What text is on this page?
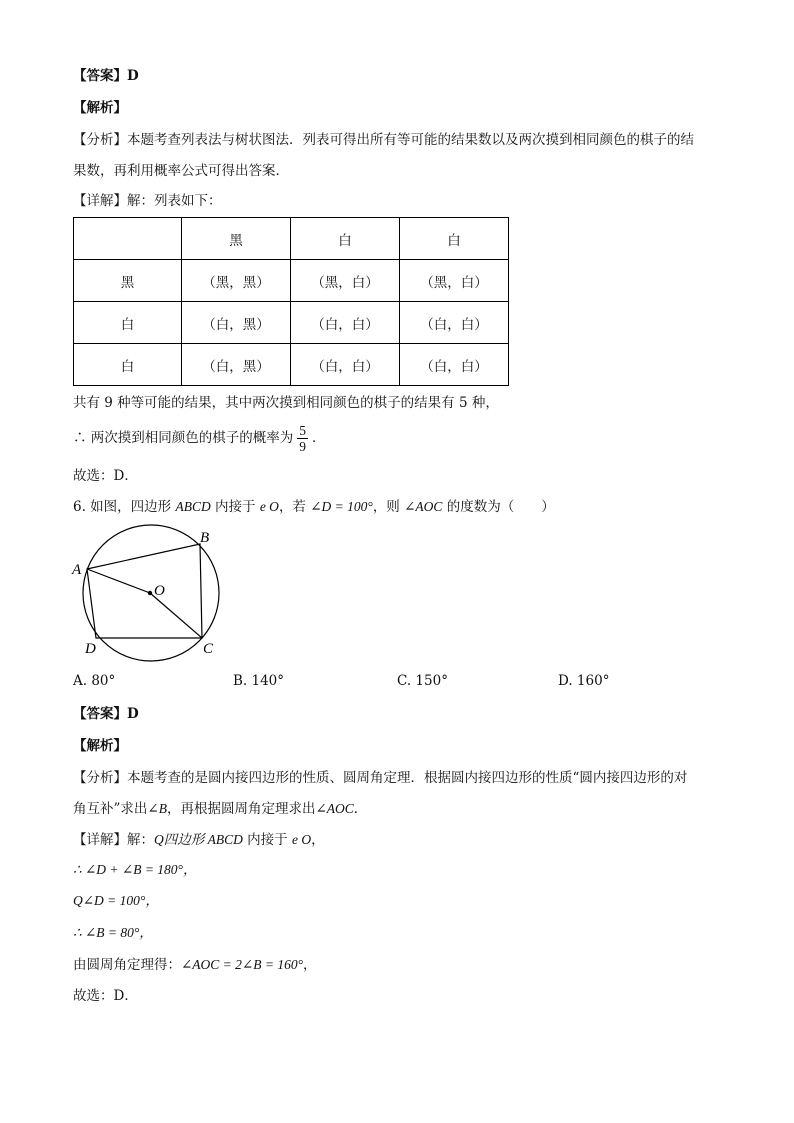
【答案】D
【解析】
【分析】本题考查列表法与树状图法．列表可得出所有等可能的结果数以及两次摸到相同颜色的棋子的结
果数，再利用概率公式可得出答案．
【详解】解：列表如下：
	黑	白	白
黑	（黑，黑）	（黑，白）	（黑，白）
白	（白，黑）	（白，白）	（白，白）
白	（白，黑）	（白，白）	（白，白）
共有 9 种等可能的结果，其中两次摸到相同颜色的棋子的结果有 5 种，
∴ 两次摸到相同颜色的棋子的概率为 $\frac{5}{9}$ ．
故选：D．
6. 如图，四边形 ABCD 内接于 e O，若 ∠D = 100°，则 ∠AOC 的度数为（　　）
A
B
C
D
O
A. 80°	B. 140°	C. 150°	D. 160°
【答案】D
【解析】
【分析】本题考查的是圆内接四边形的性质、圆周角定理．根据圆内接四边形的性质“圆内接四边形的对
角互补”求出∠B，再根据圆周角定理求出∠AOC．
【详解】解：Q四边形 ABCD 内接于 e O，
∴ ∠D + ∠B = 180°，
Q∠D = 100°，
∴ ∠B = 80°，
由圆周角定理得：∠AOC = 2∠B = 160°，
故选：D．
